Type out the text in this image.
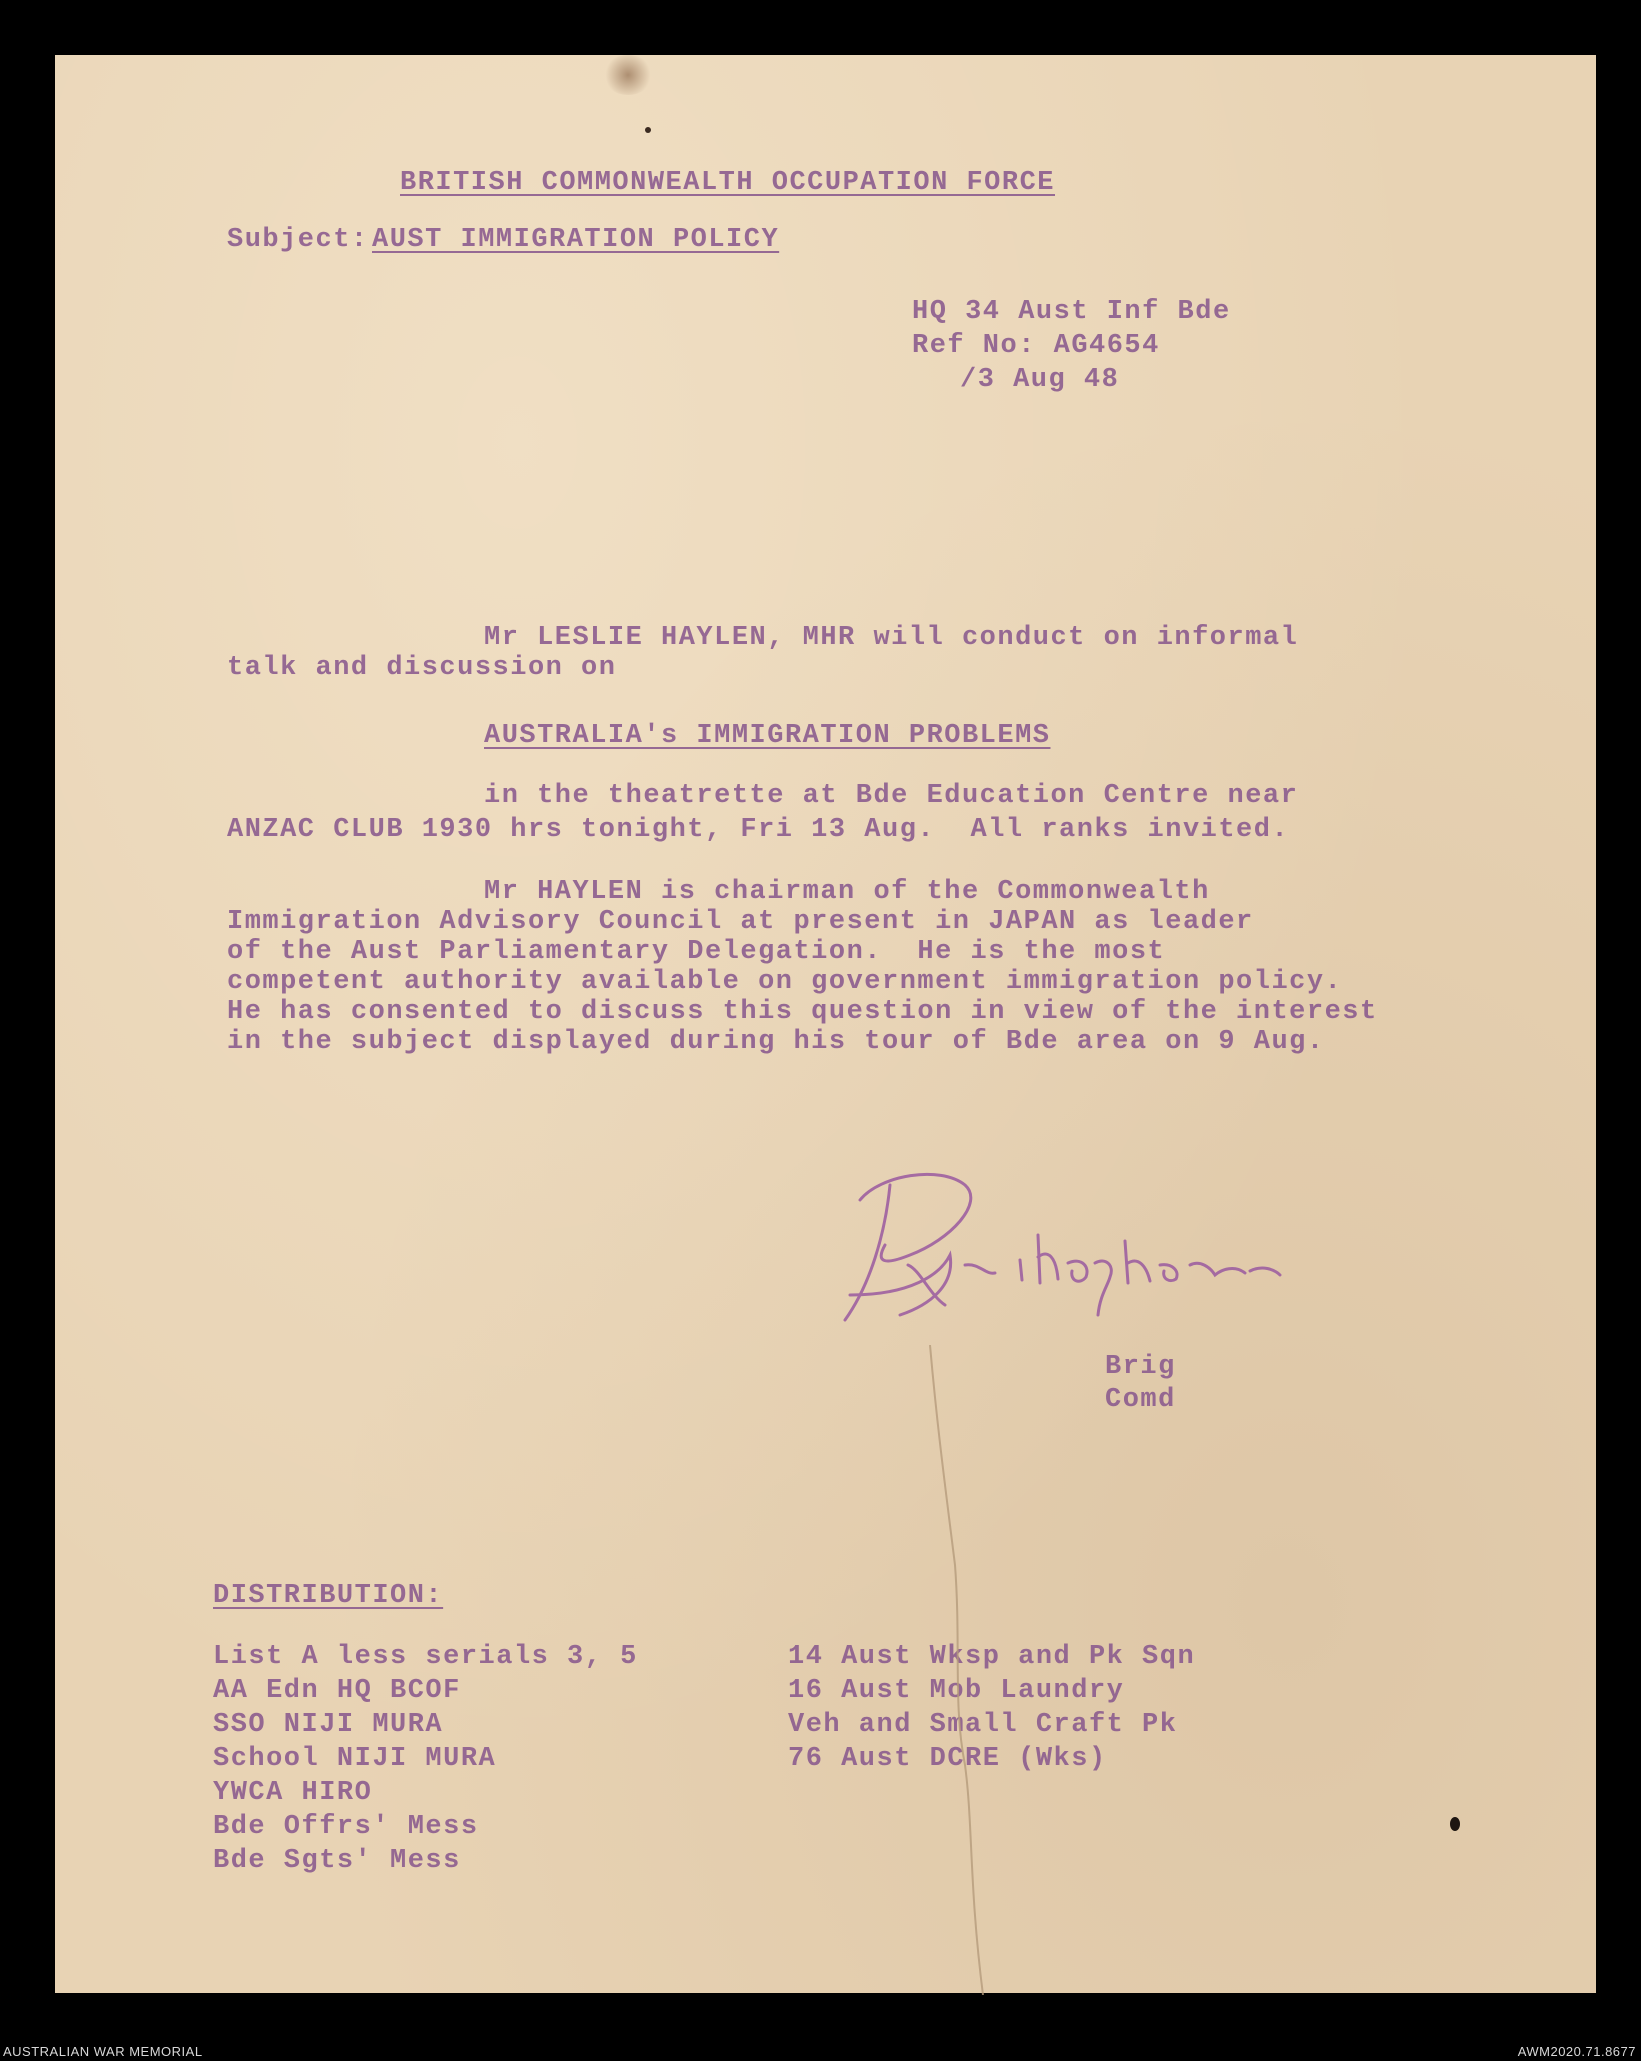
BRITISH COMMONWEALTH OCCUPATION FORCE
Subject: AUST IMMIGRATION POLICY
HQ 34 Aust Inf Bde
Ref No: AG4654
/3 Aug 48
Mr LESLIE HAYLEN, MHR will conduct on informal
talk and discussion on
AUSTRALIA's IMMIGRATION PROBLEMS
in the theatrette at Bde Education Centre near
ANZAC CLUB 1930 hrs tonight, Fri 13 Aug.  All ranks invited.
Mr HAYLEN is chairman of the Commonwealth
Immigration Advisory Council at present in JAPAN as leader
of the Aust Parliamentary Delegation.  He is the most
competent authority available on government immigration policy.
He has consented to discuss this question in view of the interest
in the subject displayed during his tour of Bde area on 9 Aug.
Brig
Comd
DISTRIBUTION:
List A less serials 3, 5
AA Edn HQ BCOF
SSO NIJI MURA
School NIJI MURA
YWCA HIRO
Bde Offrs' Mess
Bde Sgts' Mess
14 Aust Wksp and Pk Sqn
16 Aust Mob Laundry
Veh and Small Craft Pk
76 Aust DCRE (Wks)
AUSTRALIAN WAR MEMORIAL	AWM2020.71.8677
